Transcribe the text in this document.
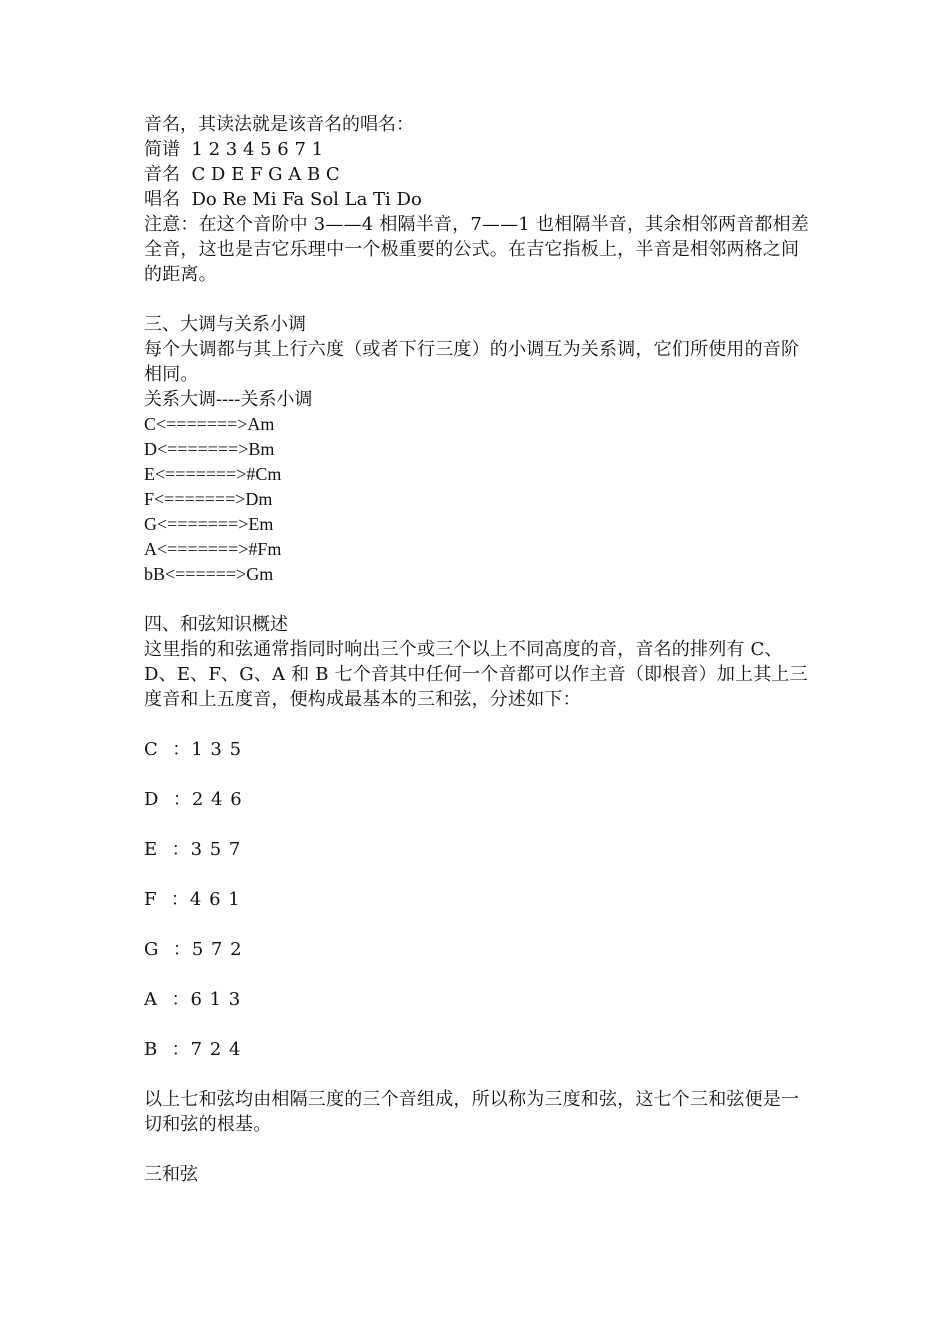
音名，其读法就是该音名的唱名：
简谱  1 2 3 4 5 6 7 1
音名  C D E F G A B C
唱名  Do Re Mi Fa Sol La Ti Do
注意：在这个音阶中 3——4 相隔半音，7——1 也相隔半音，其余相邻两音都相差全音，这也是吉它乐理中一个极重要的公式。在吉它指板上，半音是相邻两格之间的距离。
三、大调与关系小调
每个大调都与其上行六度（或者下行三度）的小调互为关系调，它们所使用的音阶相同。
关系大调----关系小调
C<=======>Am
D<=======>Bm
E<=======>#Cm
F<=======>Dm
G<=======>Em
A<=======>#Fm
bB<======>Gm
四、和弦知识概述
这里指的和弦通常指同时响出三个或三个以上不同高度的音，音名的排列有 C、D、E、F、G、A 和 B 七个音其中任何一个音都可以作主音（即根音）加上其上三度音和上五度音，便构成最基本的三和弦，分述如下：
C  ：1 3 5
D  ：2 4 6
E  ：3 5 7
F  ：4 6 1
G  ：5 7 2
A  ：6 1 3
B  ：7 2 4
以上七和弦均由相隔三度的三个音组成，所以称为三度和弦，这七个三和弦便是一切和弦的根基。
三和弦
